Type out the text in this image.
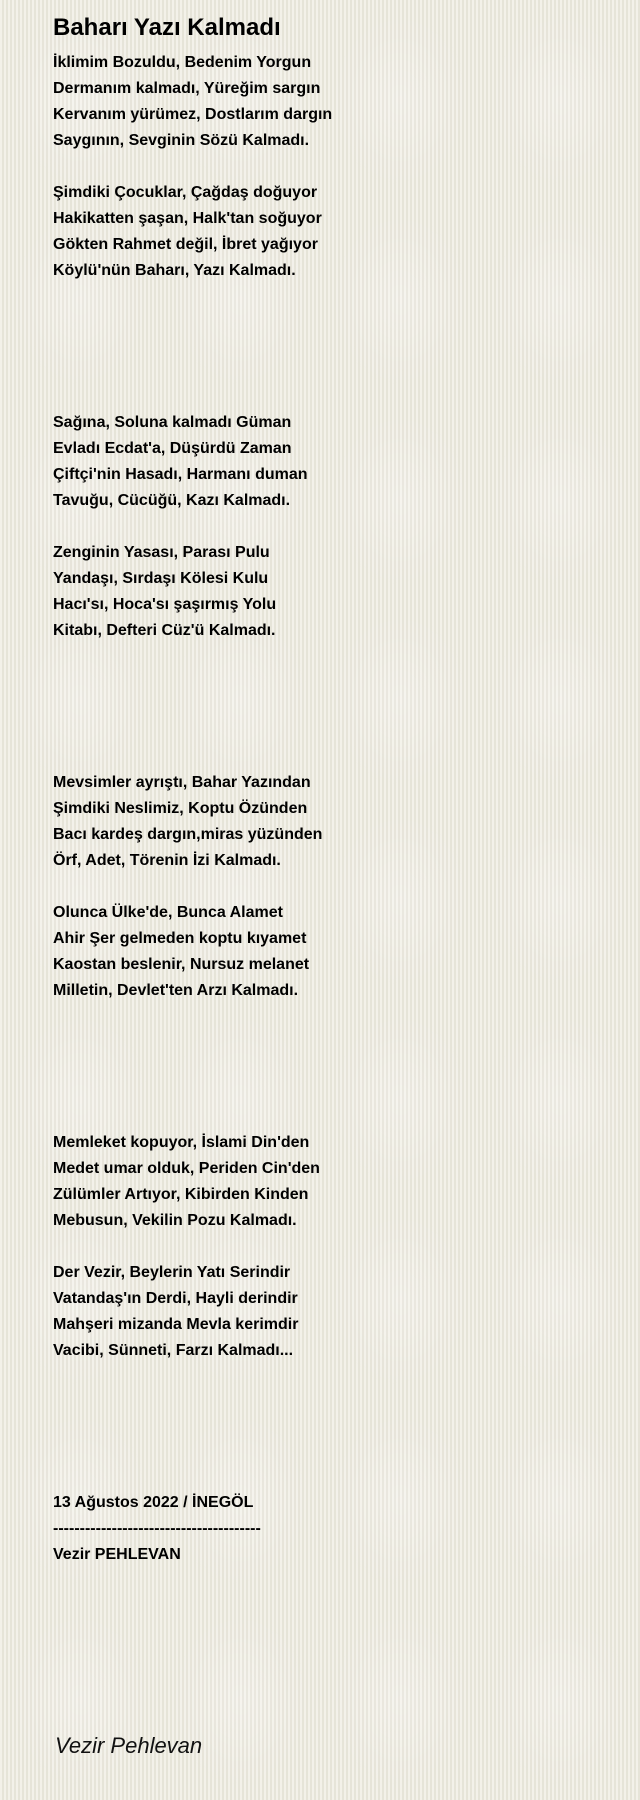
Baharı Yazı Kalmadı
İklimim Bozuldu, Bedenim Yorgun
Dermanım kalmadı, Yüreğim sargın
Kervanım yürümez, Dostlarım dargın
Saygının, Sevginin Sözü Kalmadı.
Şimdiki Çocuklar, Çağdaş doğuyor
Hakikatten şaşan, Halk'tan soğuyor
Gökten Rahmet değil, İbret yağıyor
Köylü'nün Baharı, Yazı Kalmadı.
Sağına, Soluna kalmadı Güman
Evladı Ecdat'a, Düşürdü Zaman
Çiftçi'nin Hasadı, Harmanı duman
Tavuğu, Cücüğü, Kazı Kalmadı.
Zenginin Yasası, Parası Pulu
Yandaşı, Sırdaşı Kölesi Kulu
Hacı'sı, Hoca'sı şaşırmış Yolu
Kitabı, Defteri Cüz'ü Kalmadı.
Mevsimler ayrıştı, Bahar Yazından
Şimdiki Neslimiz, Koptu Özünden
Bacı kardeş dargın,miras yüzünden
Örf, Adet, Törenin İzi Kalmadı.
Olunca Ülke'de, Bunca Alamet
Ahir Şer gelmeden koptu kıyamet
Kaostan beslenir, Nursuz melanet
Milletin, Devlet'ten Arzı Kalmadı.
Memleket kopuyor, İslami Din'den
Medet umar olduk, Periden Cin'den
Zülümler Artıyor, Kibirden Kinden
Mebusun, Vekilin Pozu Kalmadı.
Der Vezir, Beylerin Yatı Serindir
Vatandaş'ın Derdi, Hayli derindir
Mahşeri mizanda Mevla kerimdir
Vacibi, Sünneti, Farzı Kalmadı...
13 Ağustos 2022 / İNEGÖL
---------------------------------------
Vezir PEHLEVAN
Vezir Pehlevan
